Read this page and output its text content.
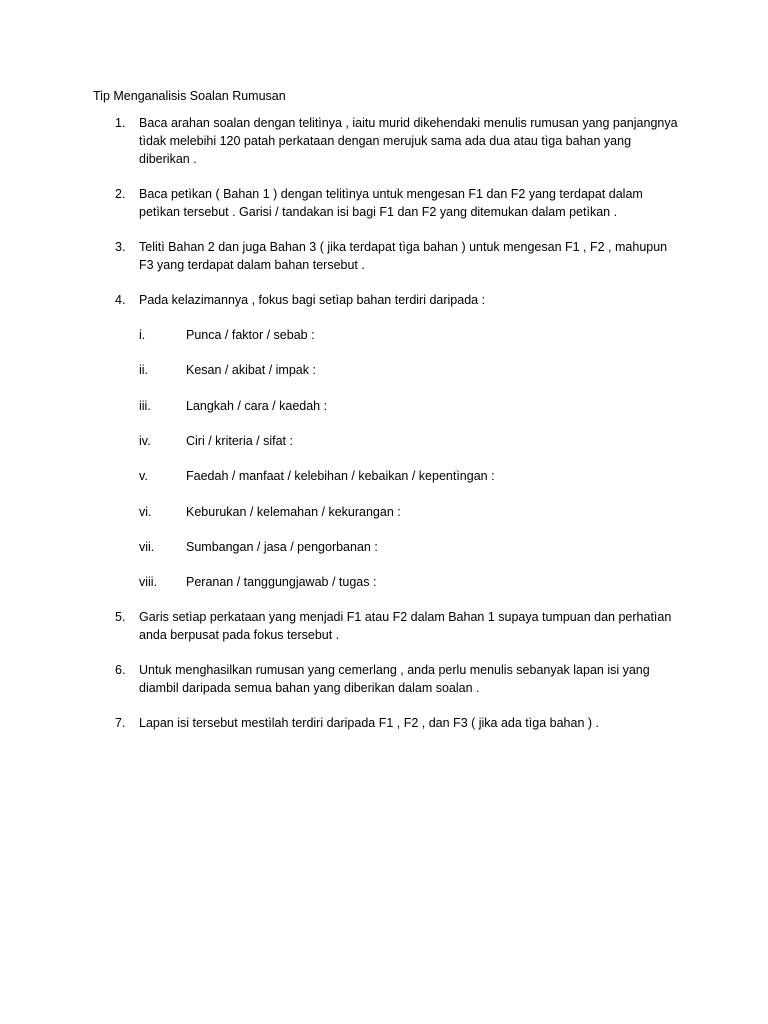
Tip Menganalisis Soalan Rumusan
1. Baca arahan soalan dengan telitìnya , iaitu murid dikehendaki menulis rumusan yang panjangnya tìdak melebihi 120 patah perkataan dengan merujuk sama ada dua atau tìga bahan yang diberikan .
2. Baca petìkan ( Bahan 1 ) dengan telitìnya untuk mengesan F1 dan F2 yang terdapat dalam petìkan tersebut . Garisi / tandakan isi bagi F1 dan F2 yang ditemukan dalam petìkan .
3. Telitì Bahan 2 dan juga Bahan 3 ( jika terdapat tìga bahan ) untuk mengesan F1 , F2 , mahupun F3 yang terdapat dalam bahan tersebut .
4. Pada kelazimannya , fokus bagi setìap bahan terdiri daripada :
i.	Punca / faktor / sebab :
ii.	Kesan / akibat / impak :
iii.	Langkah / cara / kaedah :
iv.	Ciri / kriteria / sifat :
v.	Faedah / manfaat / kelebihan / kebaikan / kepentìngan :
vi.	Keburukan / kelemahan / kekurangan :
vii.	Sumbangan / jasa / pengorbanan :
viii. Peranan / tanggungjawab / tugas :
5. Garis setìap perkataan yang menjadi F1 atau F2 dalam Bahan 1 supaya tumpuan dan perhatìan anda berpusat pada fokus tersebut .
6. Untuk menghasilkan rumusan yang cemerlang , anda perlu menulis sebanyak lapan isi yang diambil daripada semua bahan yang diberikan dalam soalan .
7. Lapan isi tersebut mestìlah terdiri daripada F1 , F2 , dan F3 ( jika ada tìga bahan ) .
